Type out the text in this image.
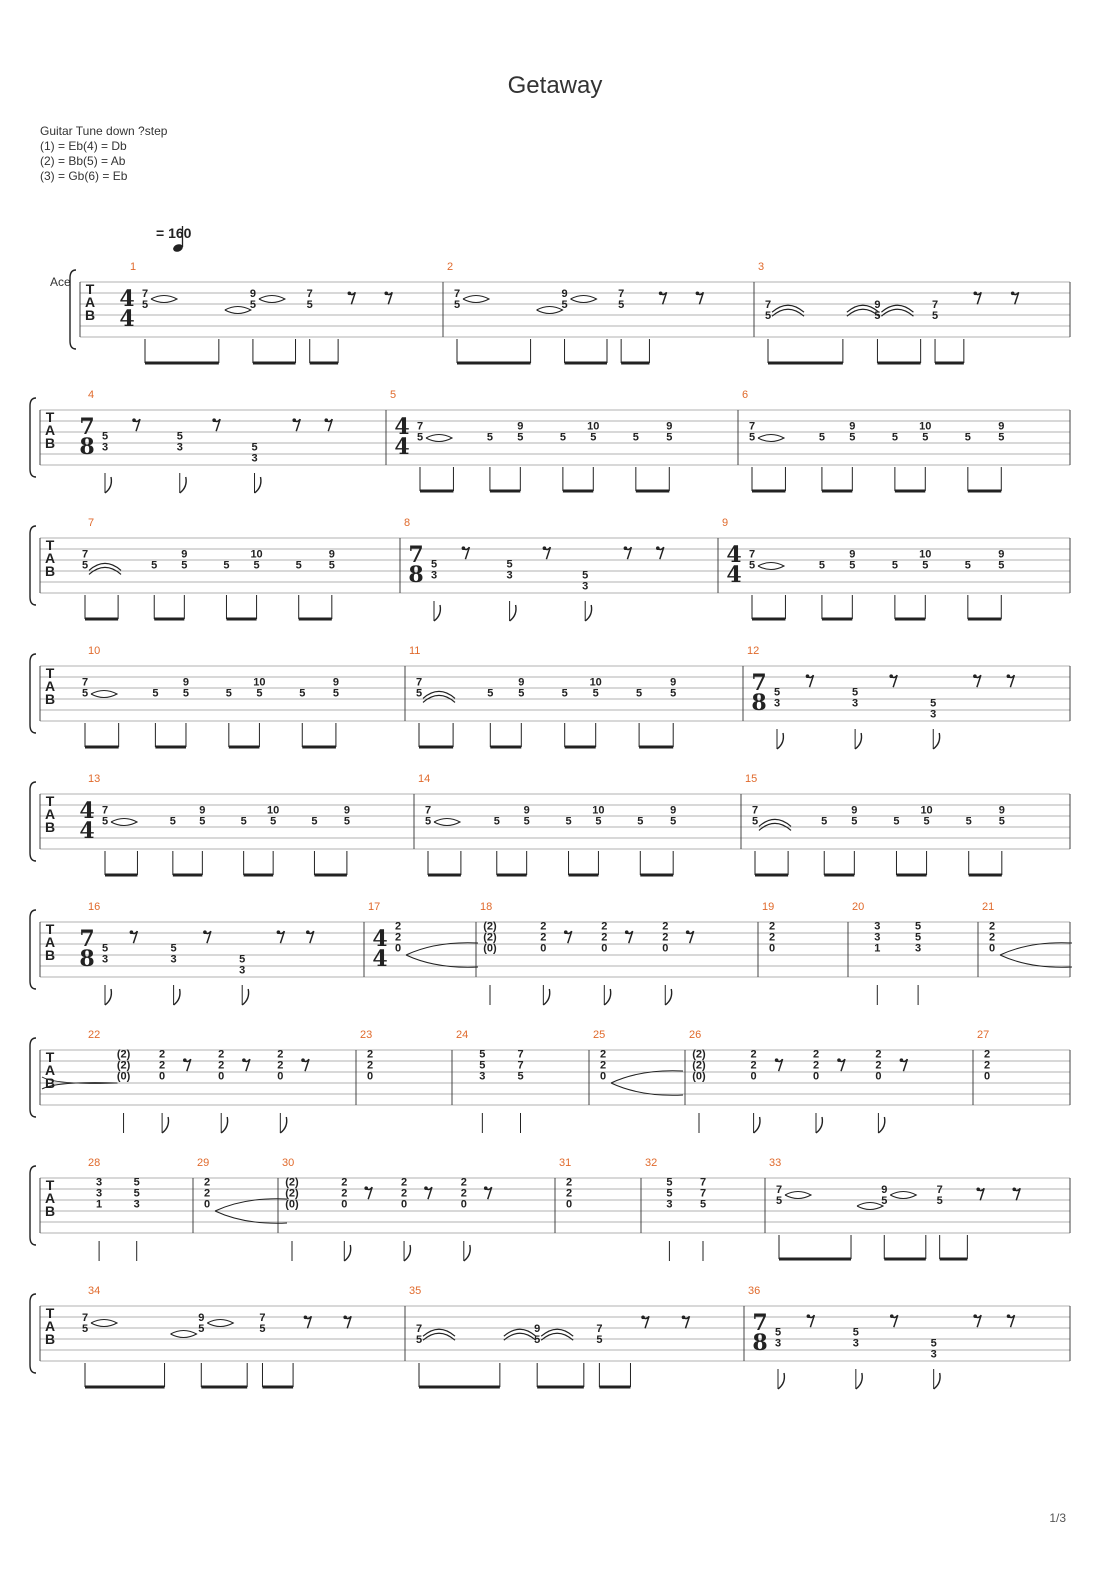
Getaway
Guitar Tune down ?step
(1) = Eb(4) = Db
(2) = Bb(5) = Ab
(3) = Gb(6) = Eb
= 160
Ace T
A
B
1
4
4
7
5
9
5
7
5
2
7
5
9
5
7
5
3
7
5
9
5
7
5
T
A
B
4
7
8 5
3
5
3	5
3
5
4
4
7
5	5
9
5	5
10
5	5
9
5
6
7
5	5
9
5	5
10
5	5
9
5
T
A
B
7
7
5	5
9
5	5
10
5	5
9
5
8
7
8 5
3
5
3	5
3
9
4
4
7
5	5
9
5	5
10
5	5
9
5
T
A
B
10
7
5	5
9
5	5
10
5	5
9
5
11
7
5	5
9
5	5
10
5	5
9
5
12
7
8 5
3
5
3	5
3
T
A
B
13
4
4
7
5	5
9
5	5
10
5	5
9
5
14
7
5	5
9
5	5
10
5	5
9
5
15
7
5	5
9
5	5
10
5	5
9
5
T
A
B
16
7
8 5
3
5
3	5
3
17
4
4
2
2
0
18
(2)
(2)
(0)
2
2
0
2
2
0
2
2
0
19
2
2
0
20
3
3
1
5
5
3
21
2
2
0
T
A
B
22
(2)
(2)
(0)
2
2
0
2
2
0
2
2
0
23
2
2
0
24
5
5
3
7
7
5
25
2
2
0
26
(2)
(2)
(0)
2
2
0
2
2
0
2
2
0
27
2
2
0
T
A
B
28
3
3
1
5
5
3
29
2
2
0
30
(2)
(2)
(0)
2
2
0
2
2
0
2
2
0
31
2
2
0
32
5
5
3
7
7
5
33
7
5
9
5
7
5
T
A
B
34
7
5
9
5
7
5
35
7
5
9
5
7
5
36
7
8 5
3
5
3	5
3
1/3
